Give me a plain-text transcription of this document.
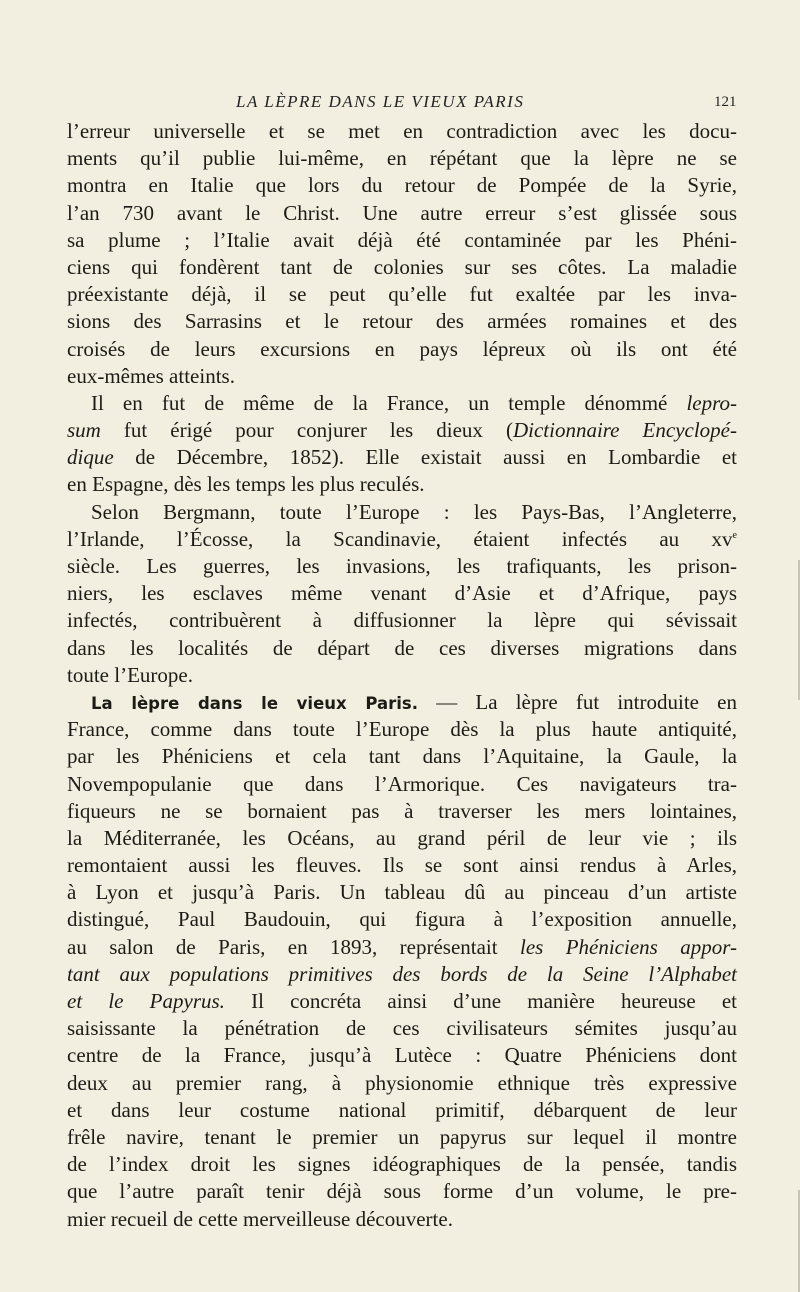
LA LÈPRE DANS LE VIEUX PARIS	121
l’erreur universelle et se met en contradiction avec les docu-
ments qu’il publie lui-même, en répétant que la lèpre ne se
montra en Italie que lors du retour de Pompée de la Syrie,
l’an 730 avant le Christ. Une autre erreur s’est glissée sous
sa plume ; l’Italie avait déjà été contaminée par les Phéni-
ciens qui fondèrent tant de colonies sur ses côtes. La maladie
préexistante déjà, il se peut qu’elle fut exaltée par les inva-
sions des Sarrasins et le retour des armées romaines et des
croisés de leurs excursions en pays lépreux où ils ont été
eux-mêmes atteints.
Il en fut de même de la France, un temple dénommé lepro-
sum fut érigé pour conjurer les dieux (Dictionnaire Encyclopé-
dique de Décembre, 1852). Elle existait aussi en Lombardie et
en Espagne, dès les temps les plus reculés.
Selon Bergmann, toute l’Europe : les Pays-Bas, l’Angleterre,
l’Irlande, l’Écosse, la Scandinavie, étaient infectés au $xv^e$
siècle. Les guerres, les invasions, les trafiquants, les prison-
niers, les esclaves même venant d’Asie et d’Afrique, pays
infectés, contribuèrent à diffusionner la lèpre qui sévissait
dans les localités de départ de ces diverses migrations dans
toute l’Europe.
La lèpre dans le vieux Paris. — La lèpre fut introduite en
France, comme dans toute l’Europe dès la plus haute antiquité,
par les Phéniciens et cela tant dans l’Aquitaine, la Gaule, la
Novempopulanie que dans l’Armorique. Ces navigateurs tra-
fiqueurs ne se bornaient pas à traverser les mers lointaines,
la Méditerranée, les Océans, au grand péril de leur vie ; ils
remontaient aussi les fleuves. Ils se sont ainsi rendus à Arles,
à Lyon et jusqu’à Paris. Un tableau dû au pinceau d’un artiste
distingué, Paul Baudouin, qui figura à l’exposition annuelle,
au salon de Paris, en 1893, représentait les Phéniciens appor-
tant aux populations primitives des bords de la Seine l’Alphabet
et le Papyrus. Il concréta ainsi d’une manière heureuse et
saisissante la pénétration de ces civilisateurs sémites jusqu’au
centre de la France, jusqu’à Lutèce : Quatre Phéniciens dont
deux au premier rang, à physionomie ethnique très expressive
et dans leur costume national primitif, débarquent de leur
frêle navire, tenant le premier un papyrus sur lequel il montre
de l’index droit les signes idéographiques de la pensée, tandis
que l’autre paraît tenir déjà sous forme d’un volume, le pre-
mier recueil de cette merveilleuse découverte.
